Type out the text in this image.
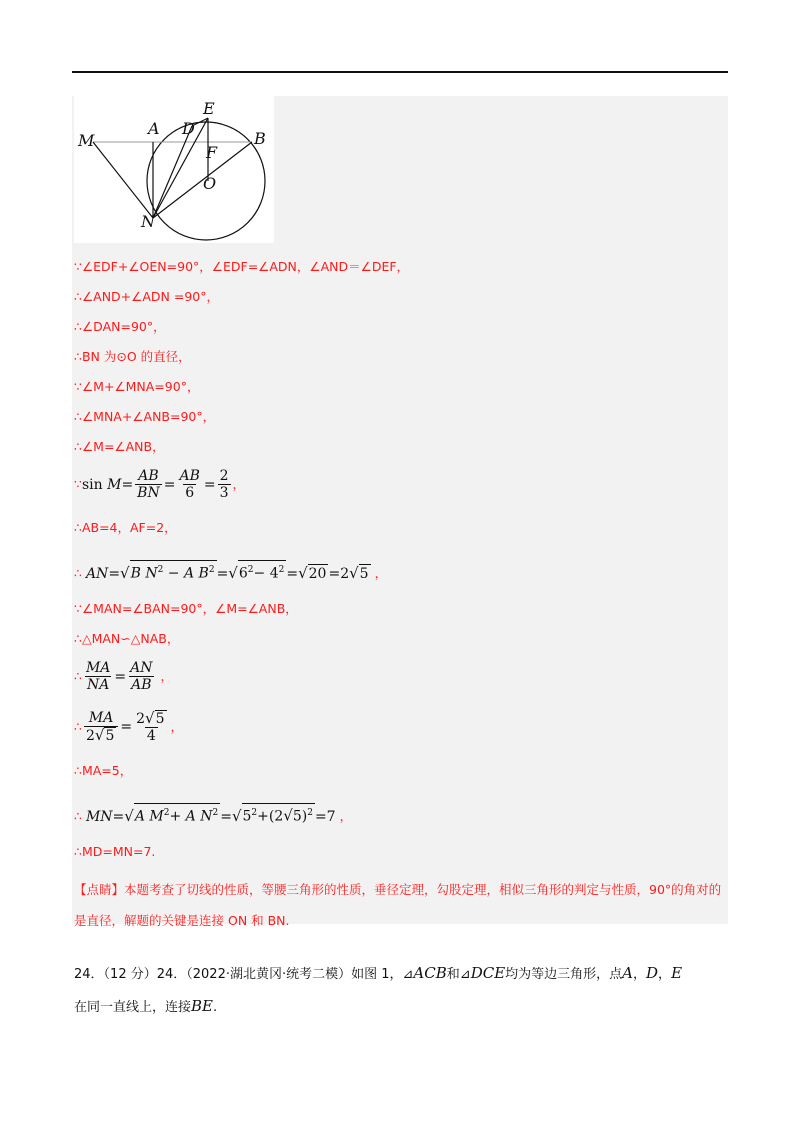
M
A D
E
B
F
O
N
∵∠EDF+∠OEN=90°，∠EDF=∠ADN，∠AND＝∠DEF，
∴∠AND+∠ADN =90°，
∴∠DAN=90°，
∴BN 为⊙O 的直径，
∵∠M+∠MNA=90°，
∴∠MNA+∠ANB=90°，
∴∠M=∠ANB，
∵sin $M= \frac{AB}{BN} = \frac{AB}{6} = \frac{2}{3}$ ，
∴AB=4，AF=2，
∴ AN=√B $N^2 - A$ $B^2 =√6^2- 4^2 =√20 =2√5$ ，
∵∠MAN=∠BAN=90°，∠M=∠ANB，
∴△MAN∽△NAB，
∴ $\frac{MA}{NA} = \frac{AN}{AB}$ ，
∴ $\frac{MA}{2√5} = \frac{2√5}{4}$ ，
∴MA=5，
∴ MN=√A $M^2+ A$ $N^2 =√5^2+(2√5)^2 =7$ ，
∴MD=MN=7.
【点睛】本题考查了切线的性质，等腰三角形的性质，垂径定理，勾股定理，相似三角形的判定与性质，90°的角对的是直径，解题的关键是连接 ON 和 BN.
24．（12 分）24．（2022·湖北黄冈·统考二模）如图 1，⊿ACB和⊿DCE均为等边三角形，点A，D，E
在同一直线上，连接BE.
